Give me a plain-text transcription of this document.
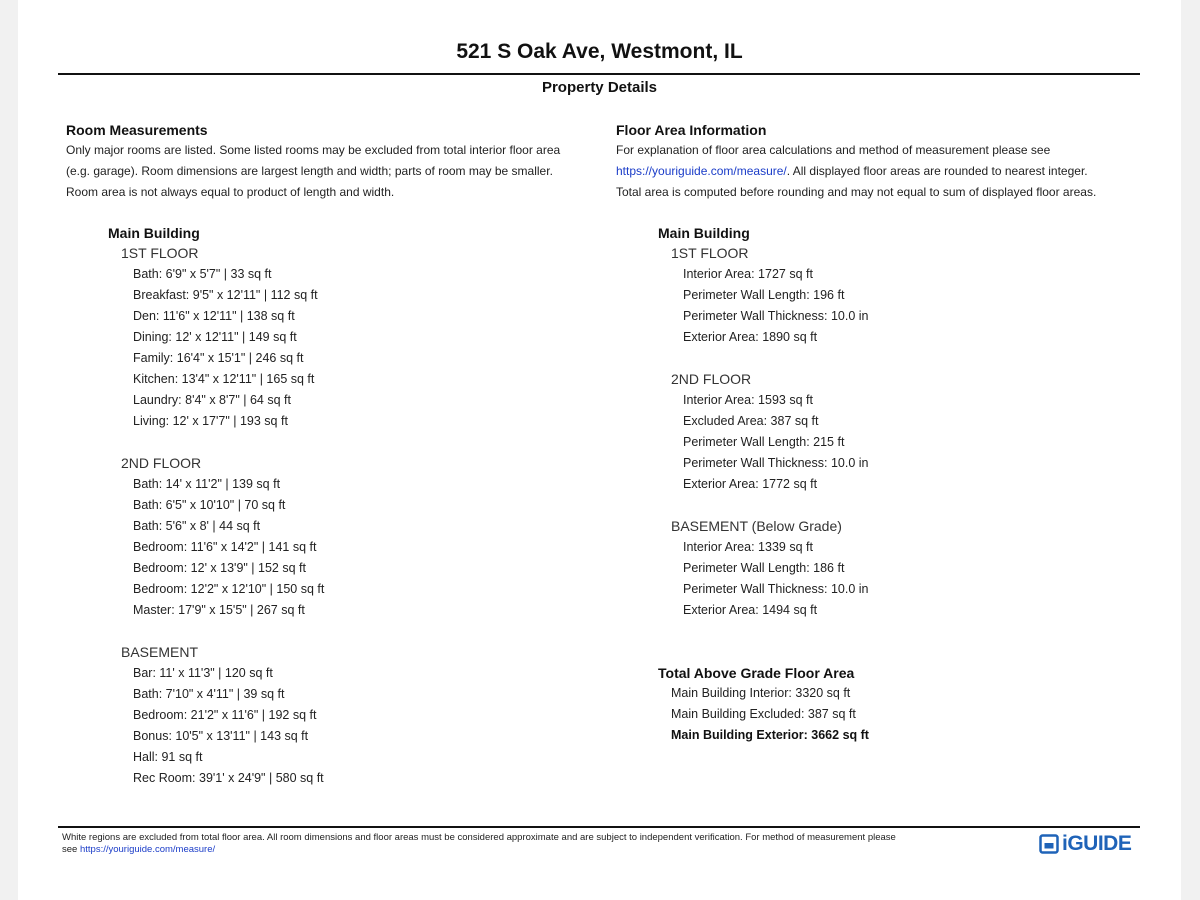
521 S Oak Ave, Westmont, IL
Property Details
Room Measurements
Only major rooms are listed. Some listed rooms may be excluded from total interior floor area
(e.g. garage). Room dimensions are largest length and width; parts of room may be smaller.
Room area is not always equal to product of length and width.
Main Building
1ST FLOOR
Bath: 6'9" x 5'7" | 33 sq ft
Breakfast: 9'5" x 12'11" | 112 sq ft
Den: 11'6" x 12'11" | 138 sq ft
Dining: 12' x 12'11" | 149 sq ft
Family: 16'4" x 15'1" | 246 sq ft
Kitchen: 13'4" x 12'11" | 165 sq ft
Laundry: 8'4" x 8'7" | 64 sq ft
Living: 12' x 17'7" | 193 sq ft
2ND FLOOR
Bath: 14' x 11'2" | 139 sq ft
Bath: 6'5" x 10'10" | 70 sq ft
Bath: 5'6" x 8' | 44 sq ft
Bedroom: 11'6" x 14'2" | 141 sq ft
Bedroom: 12' x 13'9" | 152 sq ft
Bedroom: 12'2" x 12'10" | 150 sq ft
Master: 17'9" x 15'5" | 267 sq ft
BASEMENT
Bar: 11' x 11'3" | 120 sq ft
Bath: 7'10" x 4'11" | 39 sq ft
Bedroom: 21'2" x 11'6" | 192 sq ft
Bonus: 10'5" x 13'11" | 143 sq ft
Hall: 91 sq ft
Rec Room: 39'1' x 24'9" | 580 sq ft
Floor Area Information
For explanation of floor area calculations and method of measurement please see
https://youriguide.com/measure/. All displayed floor areas are rounded to nearest integer.
Total area is computed before rounding and may not equal to sum of displayed floor areas.
Main Building
1ST FLOOR
Interior Area: 1727 sq ft
Perimeter Wall Length: 196 ft
Perimeter Wall Thickness: 10.0 in
Exterior Area: 1890 sq ft
2ND FLOOR
Interior Area: 1593 sq ft
Excluded Area: 387 sq ft
Perimeter Wall Length: 215 ft
Perimeter Wall Thickness: 10.0 in
Exterior Area: 1772 sq ft
BASEMENT (Below Grade)
Interior Area: 1339 sq ft
Perimeter Wall Length: 186 ft
Perimeter Wall Thickness: 10.0 in
Exterior Area: 1494 sq ft
Total Above Grade Floor Area
Main Building Interior: 3320 sq ft
Main Building Excluded: 387 sq ft
Main Building Exterior: 3662 sq ft
White regions are excluded from total floor area. All room dimensions and floor areas must be considered approximate and are subject to independent verification. For method of measurement please
see https://youriguide.com/measure/	iGUIDE
